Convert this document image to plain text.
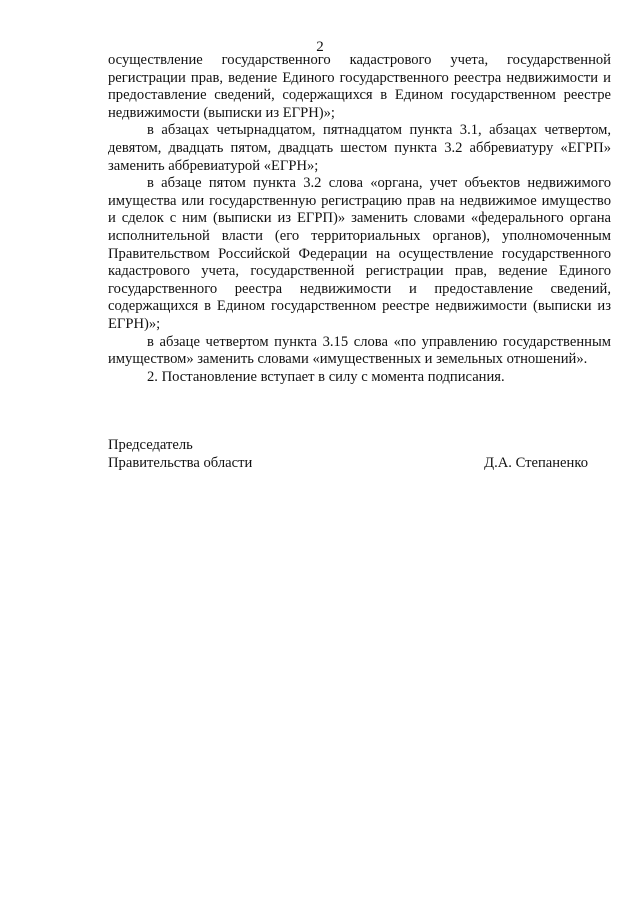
2

осуществление государственного кадастрового учета, государственной регистрации прав, ведение Единого государственного реестра недвижимости и предоставление сведений, содержащихся в Едином государственном реестре недвижимости (выписки из ЕГРН)»;

в абзацах четырнадцатом, пятнадцатом пункта 3.1, абзацах четвертом, девятом, двадцать пятом, двадцать шестом пункта 3.2 аббревиатуру «ЕГРП» заменить аббревиатурой «ЕГРН»;

в абзаце пятом пункта 3.2 слова «органа, учет объектов недвижимого имущества или государственную регистрацию прав на недвижимое имущество и сделок с ним (выписки из ЕГРП)» заменить словами «федерального органа исполнительной власти (его территориальных органов), уполномоченным Правительством Российской Федерации на осуществление государственного кадастрового учета, государственной регистрации прав, ведение Единого государственного реестра недвижимости и предоставление сведений, содержащихся в Едином государственном реестре недвижимости (выписки из ЕГРН)»;

в абзаце четвертом пункта 3.15 слова «по управлению государственным имуществом» заменить словами «имущественных и земельных отношений».

2. Постановление вступает в силу с момента подписания.

Председатель
Правительства области	Д.А. Степаненко
